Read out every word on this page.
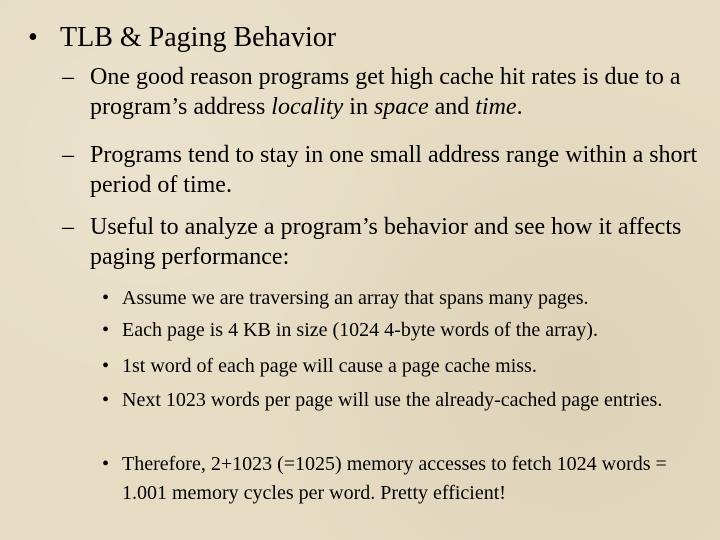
• TLB & Paging Behavior
– One good reason programs get high cache hit rates is due to a program’s address locality in space and time.
– Programs tend to stay in one small address range within a short period of time.
– Useful to analyze a program’s behavior and see how it affects paging performance:
• Assume we are traversing an array that spans many pages.
• Each page is 4 KB in size (1024 4-byte words of the array).
• 1st word of each page will cause a page cache miss.
• Next 1023 words per page will use the already-cached page entries.
• Therefore, 2+1023 (=1025) memory accesses to fetch 1024 words = 1.001 memory cycles per word. Pretty efficient!
